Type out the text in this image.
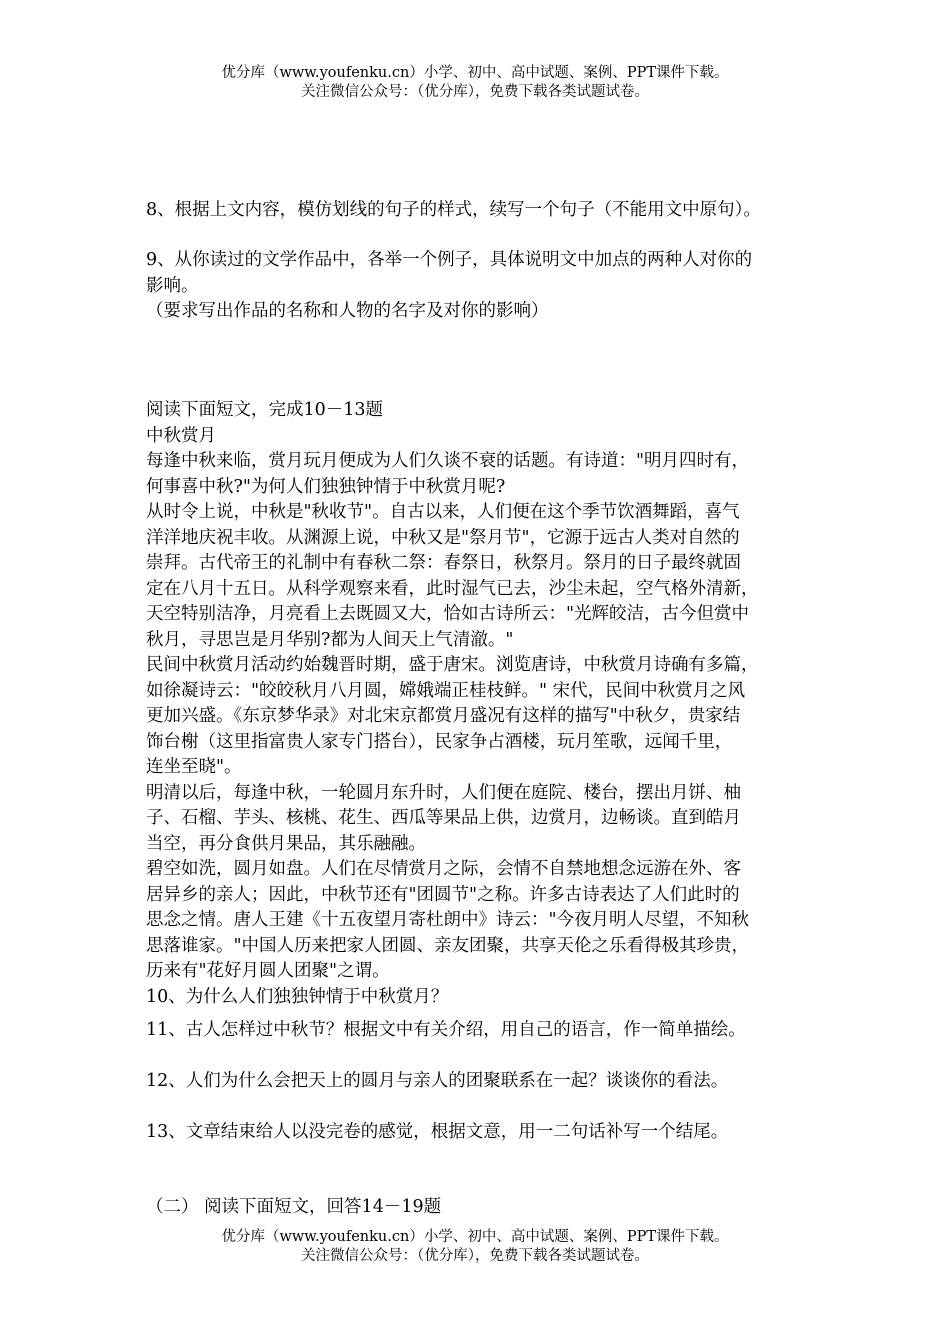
优分库（www.youfenku.cn）小学、初中、高中试题、案例、PPT课件下载。
关注微信公众号：（优分库），免费下载各类试题试卷。

8、根据上文内容，模仿划线的句子的样式，续写一个句子（不能用文中原句）。

9、从你读过的文学作品中，各举一个例子，具体说明文中加点的两种人对你的

影响。

（要求写出作品的名称和人物的名字及对你的影响）

阅读下面短文，完成10－13题

中秋赏月

每逢中秋来临，赏月玩月便成为人们久谈不衰的话题。有诗道："明月四时有，

何事喜中秋?"为何人们独独钟情于中秋赏月呢?

从时令上说，中秋是"秋收节"。自古以来，人们便在这个季节饮酒舞蹈，喜气

洋洋地庆祝丰收。从渊源上说，中秋又是"祭月节"，它源于远古人类对自然的

崇拜。古代帝王的礼制中有春秋二祭：春祭日，秋祭月。祭月的日子最终就固

定在八月十五日。从科学观察来看，此时湿气已去，沙尘未起，空气格外清新，

天空特别洁净，月亮看上去既圆又大，恰如古诗所云："光辉皎洁，古今但赏中

秋月，寻思岂是月华别?都为人间天上气清澈。"

民间中秋赏月活动约始魏晋时期，盛于唐宋。浏览唐诗，中秋赏月诗确有多篇，

如徐凝诗云："皎皎秋月八月圆，嫦娥端正桂枝鲜。" 宋代，民间中秋赏月之风

更加兴盛。《东京梦华录》对北宋京都赏月盛况有这样的描写"中秋夕，贵家结

饰台榭（这里指富贵人家专门搭台），民家争占酒楼，玩月笙歌，远闻千里，

连坐至晓"。

明清以后，每逢中秋，一轮圆月东升时，人们便在庭院、楼台，摆出月饼、柚

子、石榴、芋头、核桃、花生、西瓜等果品上供，边赏月，边畅谈。直到皓月

当空，再分食供月果品，其乐融融。

碧空如洗，圆月如盘。人们在尽情赏月之际，会情不自禁地想念远游在外、客

居异乡的亲人；因此，中秋节还有"团圆节"之称。许多古诗表达了人们此时的

思念之情。唐人王建《十五夜望月寄杜朗中》诗云："今夜月明人尽望，不知秋

思落谁家。"中国人历来把家人团圆、亲友团聚，共享天伦之乐看得极其珍贵，

历来有"花好月圆人团聚"之谓。

10、为什么人们独独钟情于中秋赏月？

11、古人怎样过中秋节？根据文中有关介绍，用自己的语言，作一简单描绘。

12、人们为什么会把天上的圆月与亲人的团聚联系在一起？谈谈你的看法。

13、文章结束给人以没完卷的感觉，根据文意，用一二句话补写一个结尾。

（二） 阅读下面短文，回答14－19题

优分库（www.youfenku.cn）小学、初中、高中试题、案例、PPT课件下载。
关注微信公众号：（优分库），免费下载各类试题试卷。
